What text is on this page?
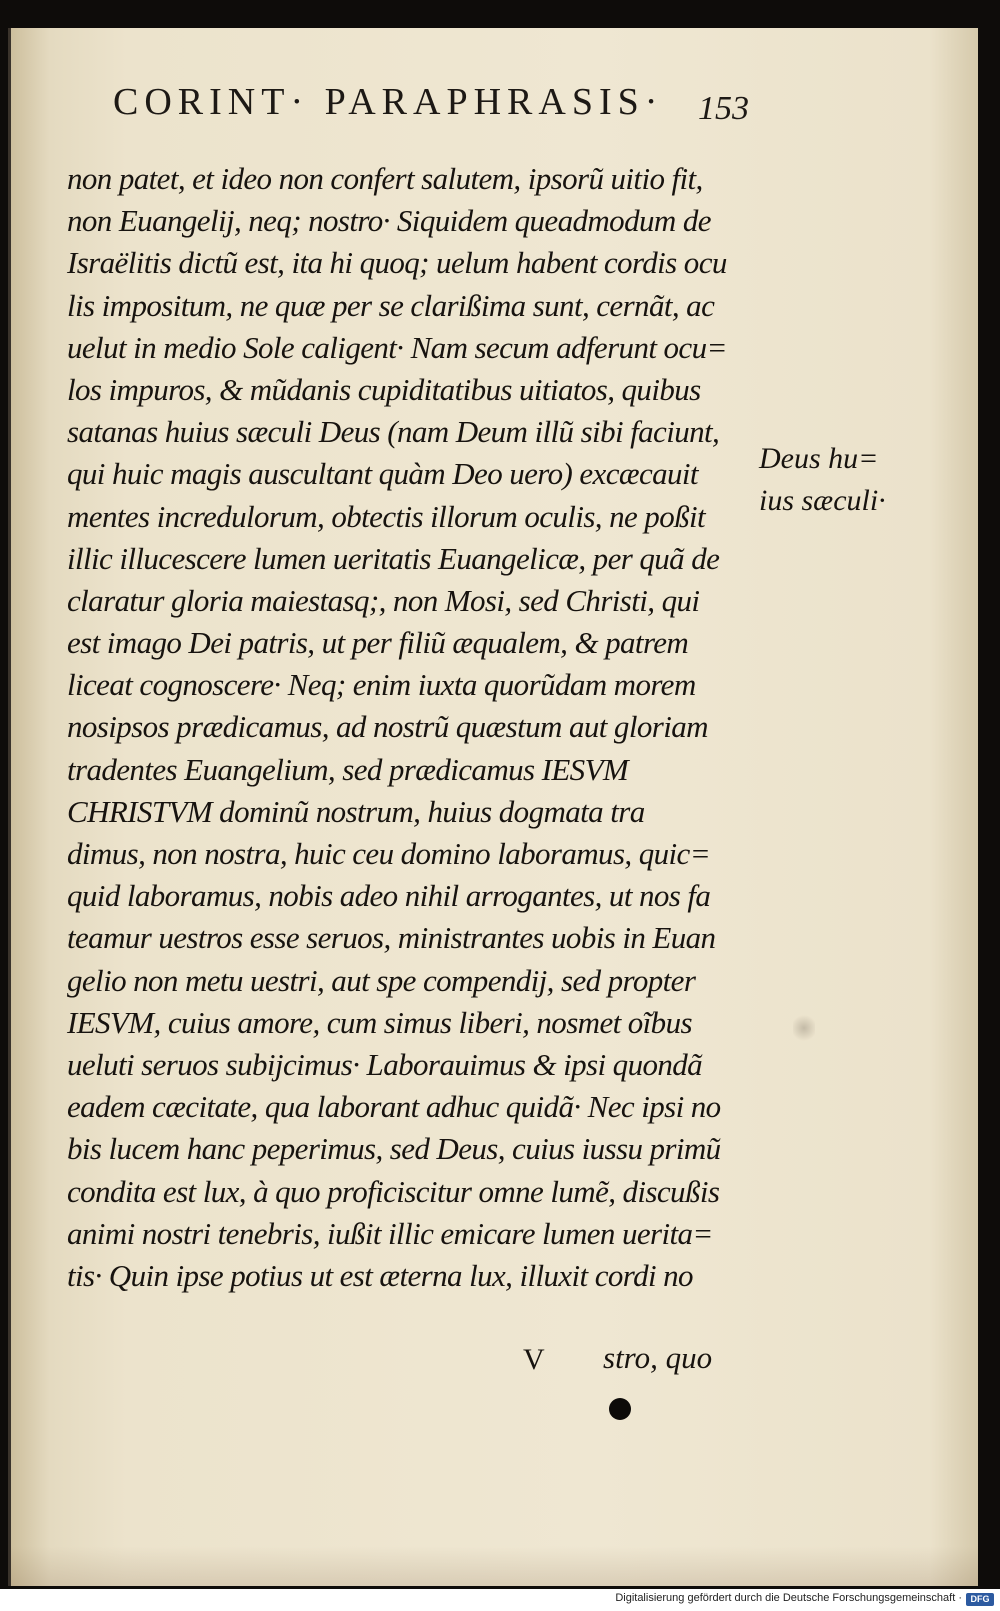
CORINT· PARAPHRASIS· 153
non patet, et ideo non confert salutem, ipsorũ uitio fit,
non Euangelij, neq; nostro· Siquidem queadmodum de
Israëlitis dictũ est, ita hi quoq; uelum habent cordis ocu
lis impositum, ne quæ per se clarißima sunt, cernãt, ac
uelut in medio Sole caligent· Nam secum adferunt ocu=
los impuros, & mũdanis cupiditatibus uitiatos, quibus
satanas huius sæculi Deus (nam Deum illũ sibi faciunt,
qui huic magis auscultant quàm Deo uero) excæcauit
mentes incredulorum, obtectis illorum oculis, ne poßit
illic illucescere lumen ueritatis Euangelicæ, per quã de
claratur gloria maiestasq;, non Mosi, sed Christi, qui
est imago Dei patris, ut per filiũ æqualem, & patrem
liceat cognoscere· Neq; enim iuxta quorũdam morem
nosipsos prædicamus, ad nostrũ quæstum aut gloriam
tradentes Euangelium, sed prædicamus IESVM
CHRISTVM dominũ nostrum, huius dogmata tra
dimus, non nostra, huic ceu domino laboramus, quic=
quid laboramus, nobis adeo nihil arrogantes, ut nos fa
teamur uestros esse seruos, ministrantes uobis in Euan
gelio non metu uestri, aut spe compendij, sed propter
IESVM, cuius amore, cum simus liberi, nosmet oĩbus
ueluti seruos subijcimus· Laborauimus & ipsi quondã
eadem cæcitate, qua laborant adhuc quidã· Nec ipsi no
bis lucem hanc peperimus, sed Deus, cuius iussu primũ
condita est lux, à quo proficiscitur omne lumẽ, discußis
animi nostri tenebris, iußit illic emicare lumen uerita=
tis· Quin ipse potius ut est æterna lux, illuxit cordi no
Deus hu=
ius sæculi·
V stro, quo
Digitalisierung gefördert durch die Deutsche Forschungsgemeinschaft · DFG
